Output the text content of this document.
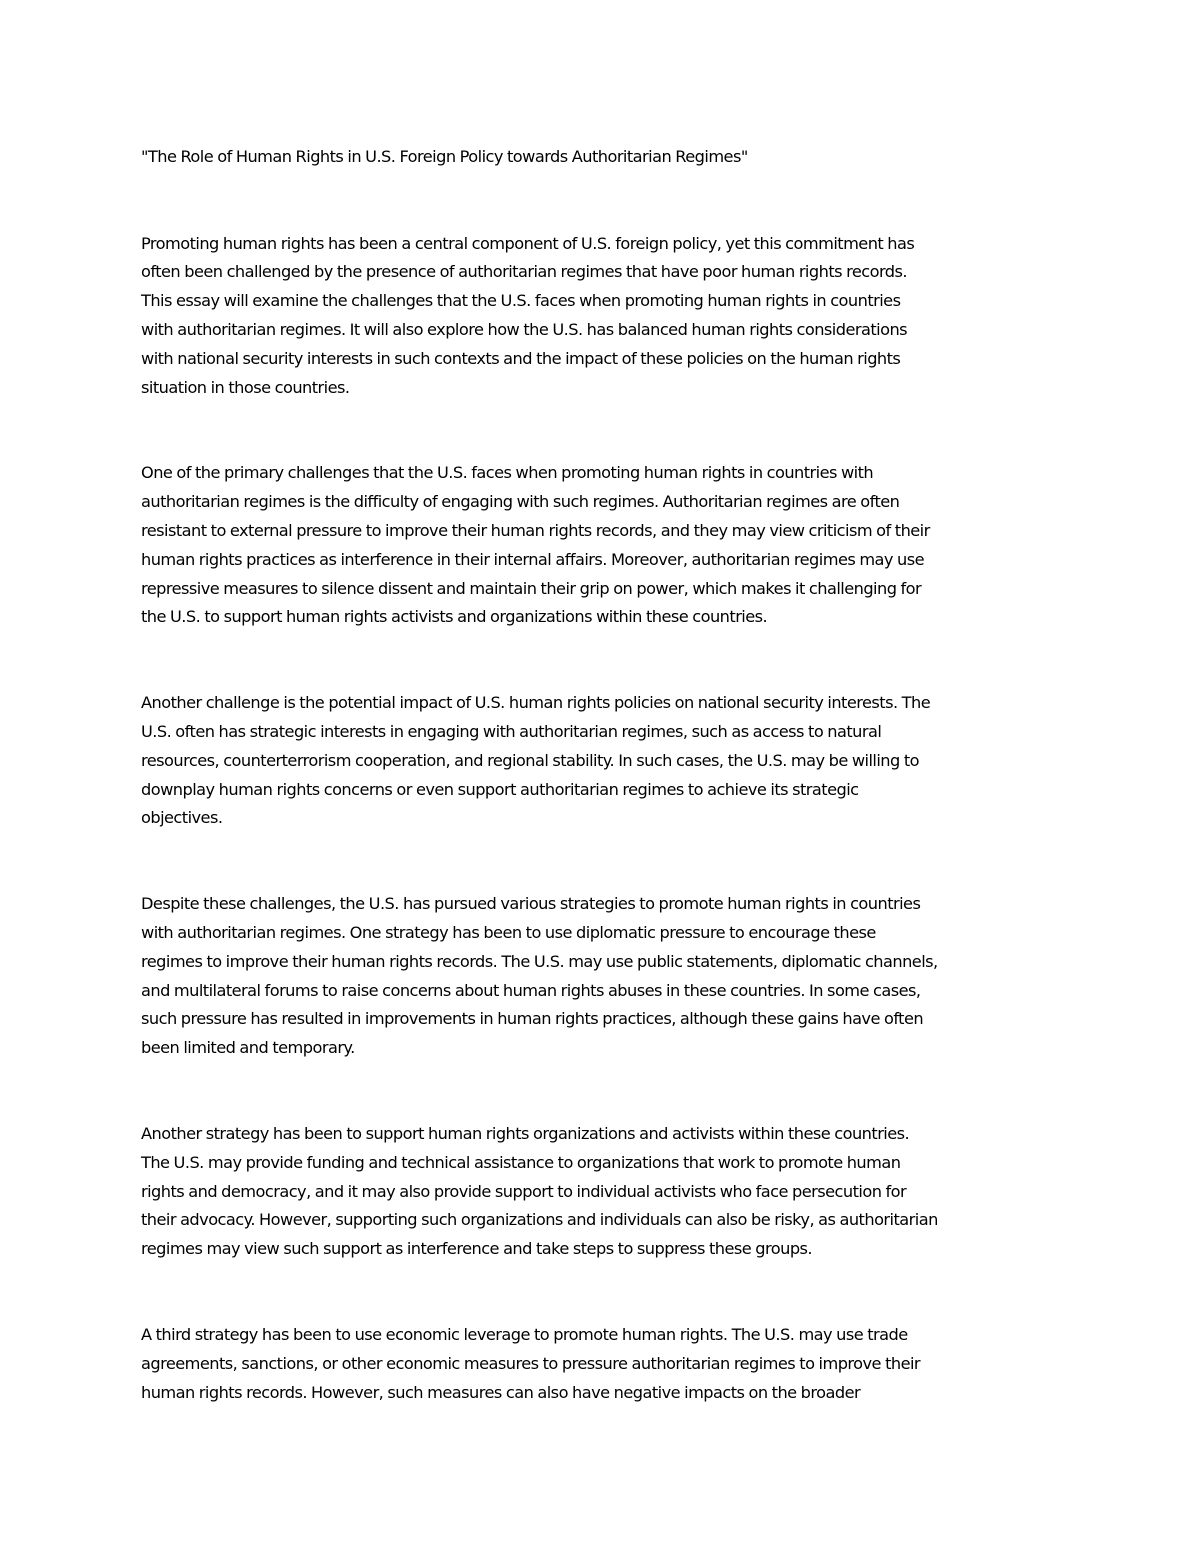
"The Role of Human Rights in U.S. Foreign Policy towards Authoritarian Regimes"

Promoting human rights has been a central component of U.S. foreign policy, yet this commitment has
often been challenged by the presence of authoritarian regimes that have poor human rights records.
This essay will examine the challenges that the U.S. faces when promoting human rights in countries
with authoritarian regimes. It will also explore how the U.S. has balanced human rights considerations
with national security interests in such contexts and the impact of these policies on the human rights
situation in those countries.

One of the primary challenges that the U.S. faces when promoting human rights in countries with
authoritarian regimes is the difficulty of engaging with such regimes. Authoritarian regimes are often
resistant to external pressure to improve their human rights records, and they may view criticism of their
human rights practices as interference in their internal affairs. Moreover, authoritarian regimes may use
repressive measures to silence dissent and maintain their grip on power, which makes it challenging for
the U.S. to support human rights activists and organizations within these countries.

Another challenge is the potential impact of U.S. human rights policies on national security interests. The
U.S. often has strategic interests in engaging with authoritarian regimes, such as access to natural
resources, counterterrorism cooperation, and regional stability. In such cases, the U.S. may be willing to
downplay human rights concerns or even support authoritarian regimes to achieve its strategic
objectives.

Despite these challenges, the U.S. has pursued various strategies to promote human rights in countries
with authoritarian regimes. One strategy has been to use diplomatic pressure to encourage these
regimes to improve their human rights records. The U.S. may use public statements, diplomatic channels,
and multilateral forums to raise concerns about human rights abuses in these countries. In some cases,
such pressure has resulted in improvements in human rights practices, although these gains have often
been limited and temporary.

Another strategy has been to support human rights organizations and activists within these countries.
The U.S. may provide funding and technical assistance to organizations that work to promote human
rights and democracy, and it may also provide support to individual activists who face persecution for
their advocacy. However, supporting such organizations and individuals can also be risky, as authoritarian
regimes may view such support as interference and take steps to suppress these groups.

A third strategy has been to use economic leverage to promote human rights. The U.S. may use trade
agreements, sanctions, or other economic measures to pressure authoritarian regimes to improve their
human rights records. However, such measures can also have negative impacts on the broader
